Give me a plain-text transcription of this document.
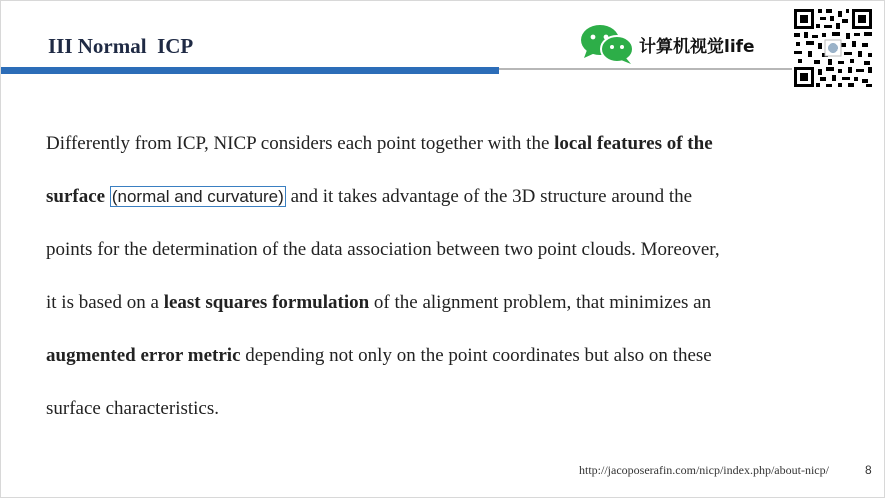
III Normal  ICP	计算机视觉life
Differently from ICP, NICP considers each point together with the local features of the
surface (normal and curvature) and it takes advantage of the 3D structure around the
points for the determination of the data association between two point clouds. Moreover,
it is based on a least squares formulation of the alignment problem, that minimizes an
augmented error metric depending not only on the point coordinates but also on these
surface characteristics.
http://jacoposerafin.com/nicp/index.php/about-nicp/	8
